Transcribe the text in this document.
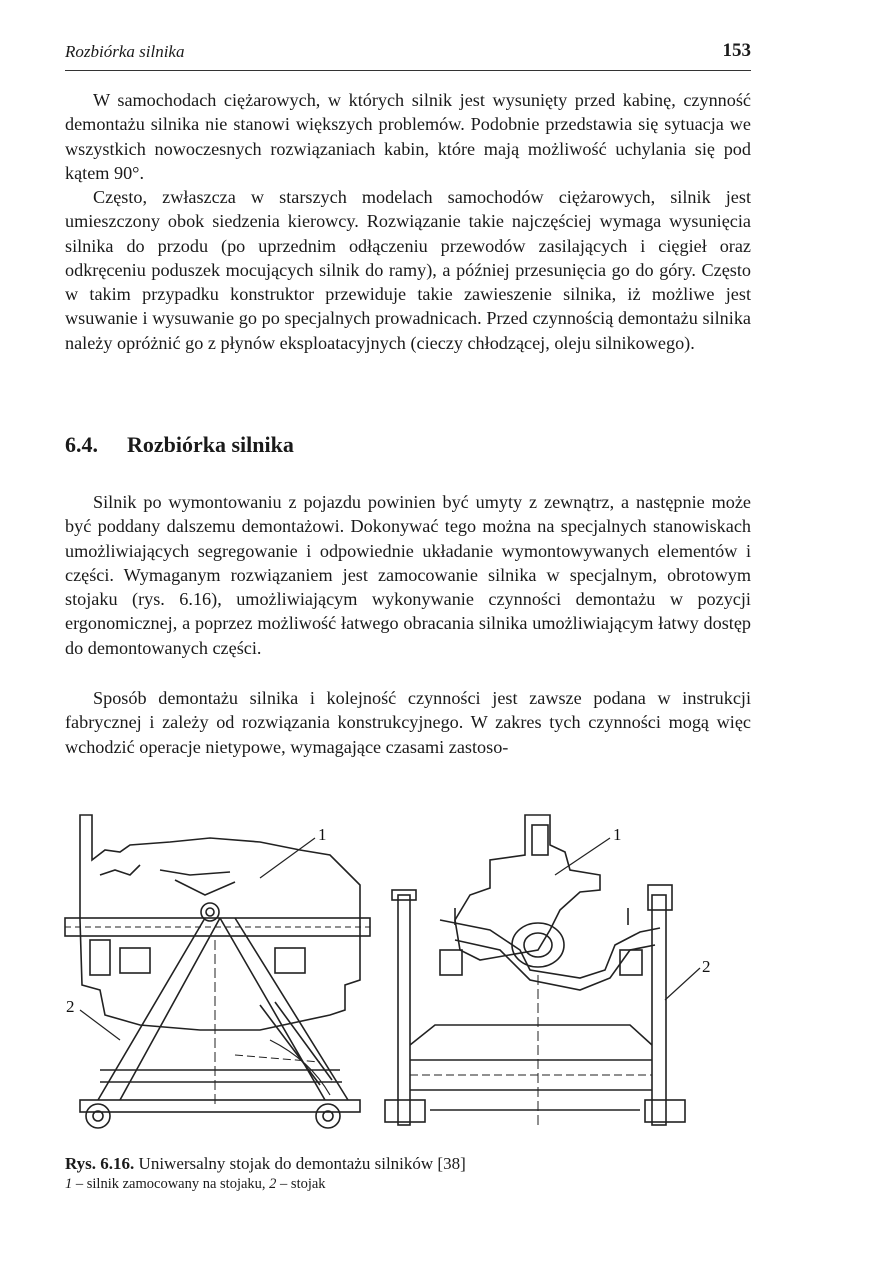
Rozbiórka silnika	153

W samochodach ciężarowych, w których silnik jest wysunięty przed kabinę, czynność demontażu silnika nie stanowi większych problemów. Podobnie przedstawia się sytuacja we wszystkich nowoczesnych rozwiązaniach kabin, które mają możliwość uchylania się pod kątem 90°.

Często, zwłaszcza w starszych modelach samochodów ciężarowych, silnik jest umieszczony obok siedzenia kierowcy. Rozwiązanie takie najczęściej wymaga wysunięcia silnika do przodu (po uprzednim odłączeniu przewodów zasilających i cięgieł oraz odkręceniu poduszek mocujących silnik do ramy), a później przesunięcia go do góry. Często w takim przypadku konstruktor przewiduje takie zawieszenie silnika, iż możliwe jest wsuwanie i wysuwanie go po specjalnych prowadnicach. Przed czynnością demontażu silnika należy opróżnić go z płynów eksploatacyjnych (cieczy chłodzącej, oleju silnikowego).

6.4. Rozbiórka silnika

Silnik po wymontowaniu z pojazdu powinien być umyty z zewnątrz, a następnie może być poddany dalszemu demontażowi. Dokonywać tego można na specjalnych stanowiskach umożliwiających segregowanie i odpowiednie układanie wymontowywanych elementów i części. Wymaganym rozwiązaniem jest zamocowanie silnika w specjalnym, obrotowym stojaku (rys. 6.16), umożliwiającym wykonywanie czynności demontażu w pozycji ergonomicznej, a poprzez możliwość łatwego obracania silnika umożliwiającym łatwy dostęp do demontowanych części.

Sposób demontażu silnika i kolejność czynności jest zawsze podana w instrukcji fabrycznej i zależy od rozwiązania konstrukcyjnego. W zakres tych czynności mogą więc wchodzić operacje nietypowe, wymagające czasami zastoso-

1
2
1
2
Rys. 6.16. Uniwersalny stojak do demontażu silników [38]
1 – silnik zamocowany na stojaku, 2 – stojak
